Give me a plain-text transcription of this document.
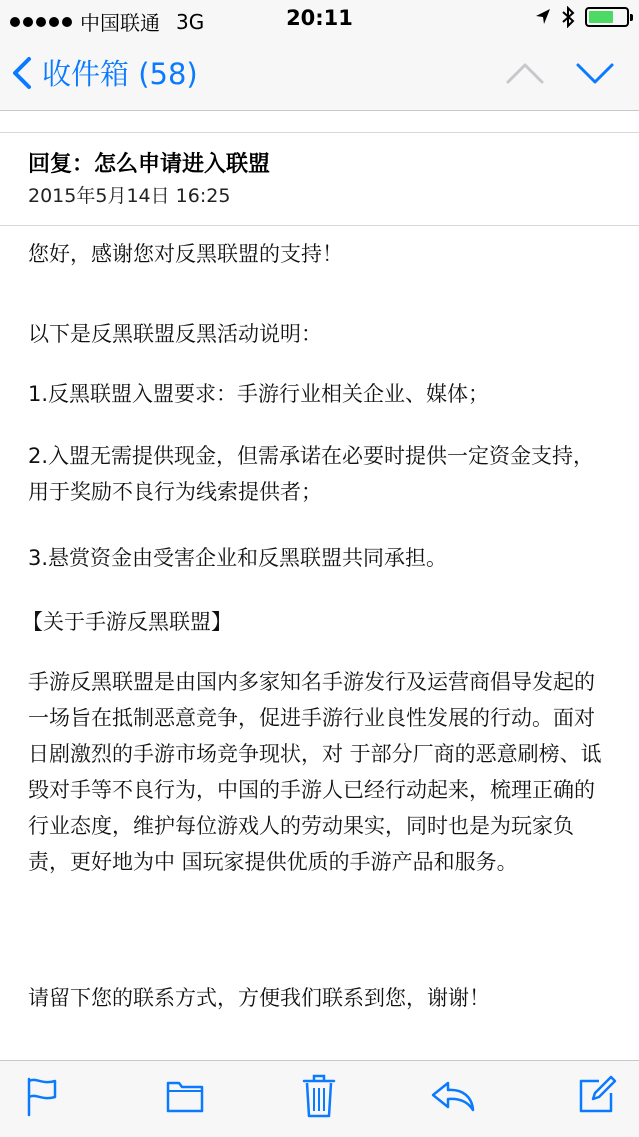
中国联通 3G	20:11
收件箱 (58)
回复：怎么申请进入联盟
2015年5月14日 16:25

您好，感谢您对反黑联盟的支持！

以下是反黑联盟反黑活动说明：

1.反黑联盟入盟要求：手游行业相关企业、媒体；

2.入盟无需提供现金，但需承诺在必要时提供一定资金支持，用于奖励不良行为线索提供者；

3.悬赏资金由受害企业和反黑联盟共同承担。

【关于手游反黑联盟】

手游反黑联盟是由国内多家知名手游发行及运营商倡导发起的一场旨在抵制恶意竞争，促进手游行业良性发展的行动。面对日剧激烈的手游市场竞争现状，对 于部分厂商的恶意刷榜、诋毁对手等不良行为，中国的手游人已经行动起来，梳理正确的行业态度，维护每位游戏人的劳动果实，同时也是为玩家负责，更好地为中 国玩家提供优质的手游产品和服务。

请留下您的联系方式，方便我们联系到您，谢谢！
